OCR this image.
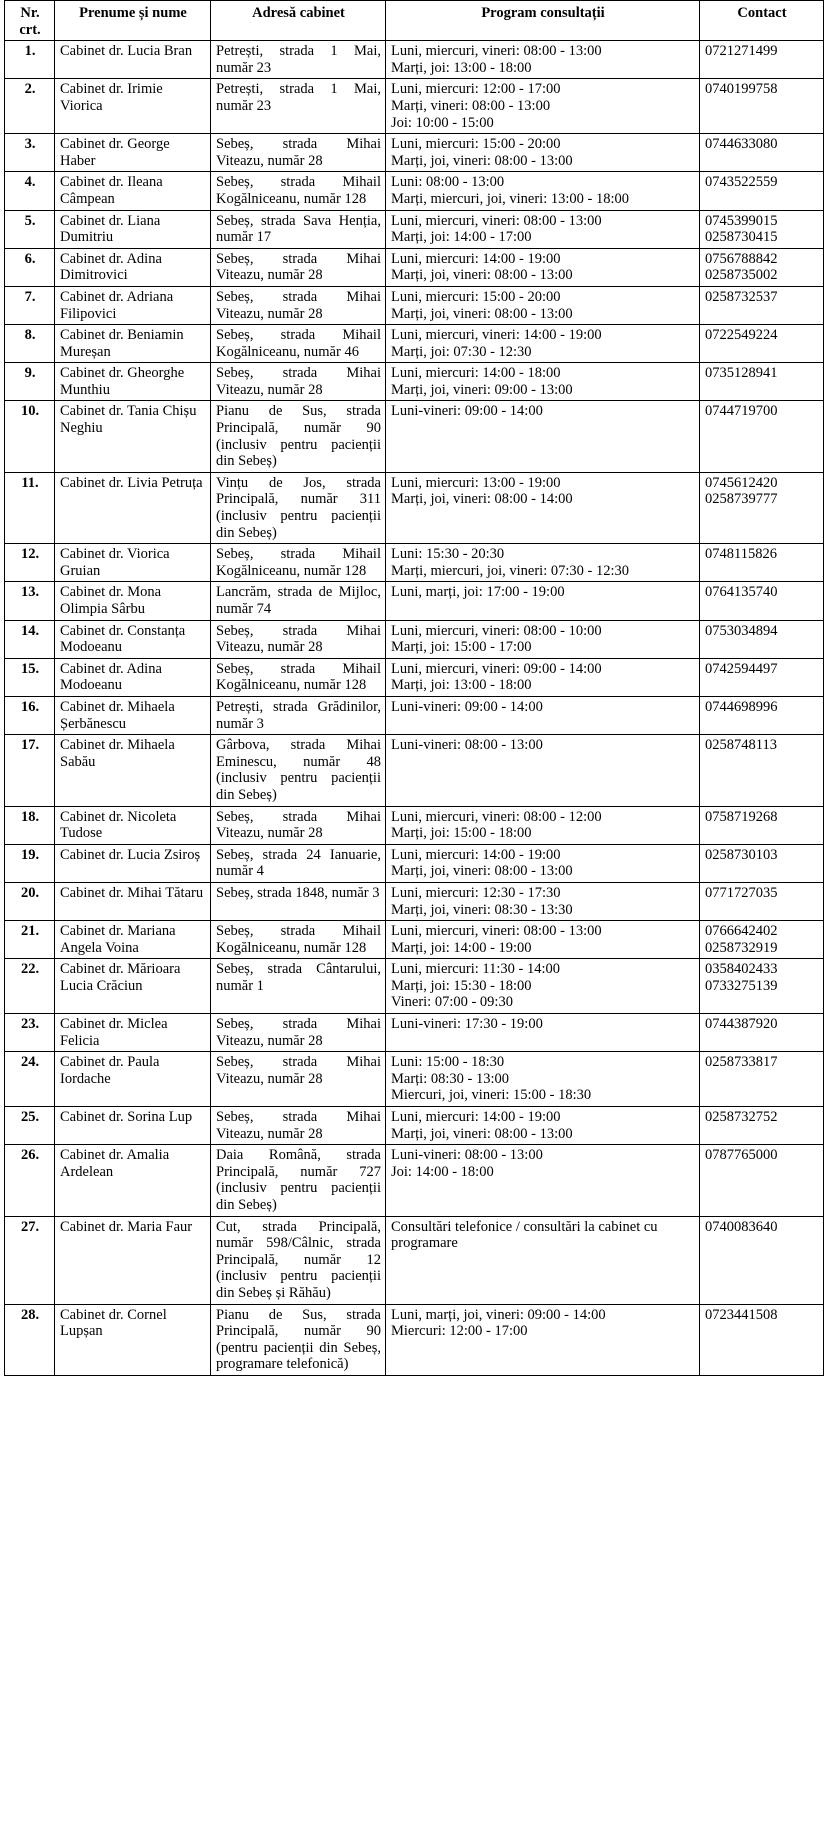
Nr. crt.	Prenume și nume	Adresă cabinet	Program consultații	Contact
1.	Cabinet dr. Lucia Bran	Petrești, strada 1 Mai, număr 23	Luni, miercuri, vineri: 08:00 - 13:00
Marți, joi: 13:00 - 18:00	0721271499

2.	Cabinet dr. Irimie Viorica	Petrești, strada 1 Mai, număr 23	Luni, miercuri: 12:00 - 17:00
Marți, vineri: 08:00 - 13:00
Joi: 10:00 - 15:00	0740199758

3.	Cabinet dr. George Haber	Sebeș, strada Mihai Viteazu, număr 28	Luni, miercuri: 15:00 - 20:00
Marți, joi, vineri: 08:00 - 13:00	0744633080

4.	Cabinet dr. Ileana Câmpean	Sebeș, strada Mihail Kogălniceanu, număr 128	Luni: 08:00 - 13:00
Marți, miercuri, joi, vineri: 13:00 - 18:00	0743522559

5.	Cabinet dr. Liana Dumitriu	Sebeș, strada Sava Henția, număr 17	Luni, miercuri, vineri: 08:00 - 13:00
Marți, joi: 14:00 - 17:00	0745399015
0258730415

6.	Cabinet dr. Adina Dimitrovici	Sebeș, strada Mihai Viteazu, număr 28	Luni, miercuri: 14:00 - 19:00
Marți, joi, vineri: 08:00 - 13:00	0756788842
0258735002

7.	Cabinet dr. Adriana Filipovici	Sebeș, strada Mihai Viteazu, număr 28	Luni, miercuri: 15:00 - 20:00
Marți, joi, vineri: 08:00 - 13:00	0258732537

8.	Cabinet dr. Beniamin Mureșan	Sebeș, strada Mihail Kogălniceanu, număr 46	Luni, miercuri, vineri: 14:00 - 19:00
Marți, joi: 07:30 - 12:30	0722549224

9.	Cabinet dr. Gheorghe Munthiu	Sebeș, strada Mihai Viteazu, număr 28	Luni, miercuri: 14:00 - 18:00
Marți, joi, vineri: 09:00 - 13:00	0735128941

10.	Cabinet dr. Tania Chișu Neghiu	Pianu de Sus, strada Principală, număr 90 (inclusiv pentru pacienții din Sebeș)	Luni-vineri: 09:00 - 14:00	0744719700

11.	Cabinet dr. Livia Petruța	Vințu de Jos, strada Principală, număr 311 (inclusiv pentru pacienții din Sebeș)	Luni, miercuri: 13:00 - 19:00
Marți, joi, vineri: 08:00 - 14:00	0745612420
0258739777

12.	Cabinet dr. Viorica Gruian	Sebeș, strada Mihail Kogălniceanu, număr 128	Luni: 15:30 - 20:30
Marți, miercuri, joi, vineri: 07:30 - 12:30	0748115826

13.	Cabinet dr. Mona Olimpia Sârbu	Lancrăm, strada de Mijloc, număr 74	Luni, marți, joi: 17:00 - 19:00	0764135740

14.	Cabinet dr. Constanța Modoeanu	Sebeș, strada Mihai Viteazu, număr 28	Luni, miercuri, vineri: 08:00 - 10:00
Marți, joi: 15:00 - 17:00	0753034894

15.	Cabinet dr. Adina Modoeanu	Sebeș, strada Mihail Kogălniceanu, număr 128	Luni, miercuri, vineri: 09:00 - 14:00
Marți, joi: 13:00 - 18:00	0742594497

16.	Cabinet dr. Mihaela Șerbănescu	Petrești, strada Grădinilor, număr 3	Luni-vineri: 09:00 - 14:00	0744698996

17.	Cabinet dr. Mihaela Sabău	Gârbova, strada Mihai Eminescu, număr 48 (inclusiv pentru pacienții din Sebeș)	Luni-vineri: 08:00 - 13:00	0258748113

18.	Cabinet dr. Nicoleta Tudose	Sebeș, strada Mihai Viteazu, număr 28	Luni, miercuri, vineri: 08:00 - 12:00
Marți, joi: 15:00 - 18:00	0758719268

19.	Cabinet dr. Lucia Zsiroș	Sebeș, strada 24 Ianuarie, număr 4	Luni, miercuri: 14:00 - 19:00
Marți, joi, vineri: 08:00 - 13:00	0258730103

20.	Cabinet dr. Mihai Tătaru	Sebeș, strada 1848, număr 3	Luni, miercuri: 12:30 - 17:30
Marți, joi, vineri: 08:30 - 13:30	0771727035

21.	Cabinet dr. Mariana Angela Voina	Sebeș, strada Mihail Kogălniceanu, număr 128	Luni, miercuri, vineri: 08:00 - 13:00
Marți, joi: 14:00 - 19:00	0766642402
0258732919

22.	Cabinet dr. Mărioara Lucia Crăciun	Sebeș, strada Cântarului, număr 1	Luni, miercuri: 11:30 - 14:00
Marți, joi: 15:30 - 18:00
Vineri: 07:00 - 09:30	0358402433
0733275139

23.	Cabinet dr. Miclea Felicia	Sebeș, strada Mihai Viteazu, număr 28	Luni-vineri: 17:30 - 19:00	0744387920

24.	Cabinet dr. Paula Iordache	Sebeș, strada Mihai Viteazu, număr 28	Luni: 15:00 - 18:30
Marți: 08:30 - 13:00
Miercuri, joi, vineri: 15:00 - 18:30	0258733817

25.	Cabinet dr. Sorina Lup	Sebeș, strada Mihai Viteazu, număr 28	Luni, miercuri: 14:00 - 19:00
Marți, joi, vineri: 08:00 - 13:00	0258732752

26.	Cabinet dr. Amalia Ardelean	Daia Română, strada Principală, număr 727 (inclusiv pentru pacienții din Sebeș)	Luni-vineri: 08:00 - 13:00
Joi: 14:00 - 18:00	0787765000

27.	Cabinet dr. Maria Faur	Cut, strada Principală, număr 598/Câlnic, strada Principală, număr 12 (inclusiv pentru pacienții din Sebeș și Răhău)	Consultări telefonice / consultări la cabinet cu programare	0740083640

28.	Cabinet dr. Cornel Lupșan	Pianu de Sus, strada Principală, număr 90 (pentru pacienții din Sebeș, programare telefonică)	Luni, marți, joi, vineri: 09:00 - 14:00
Miercuri: 12:00 - 17:00	0723441508
